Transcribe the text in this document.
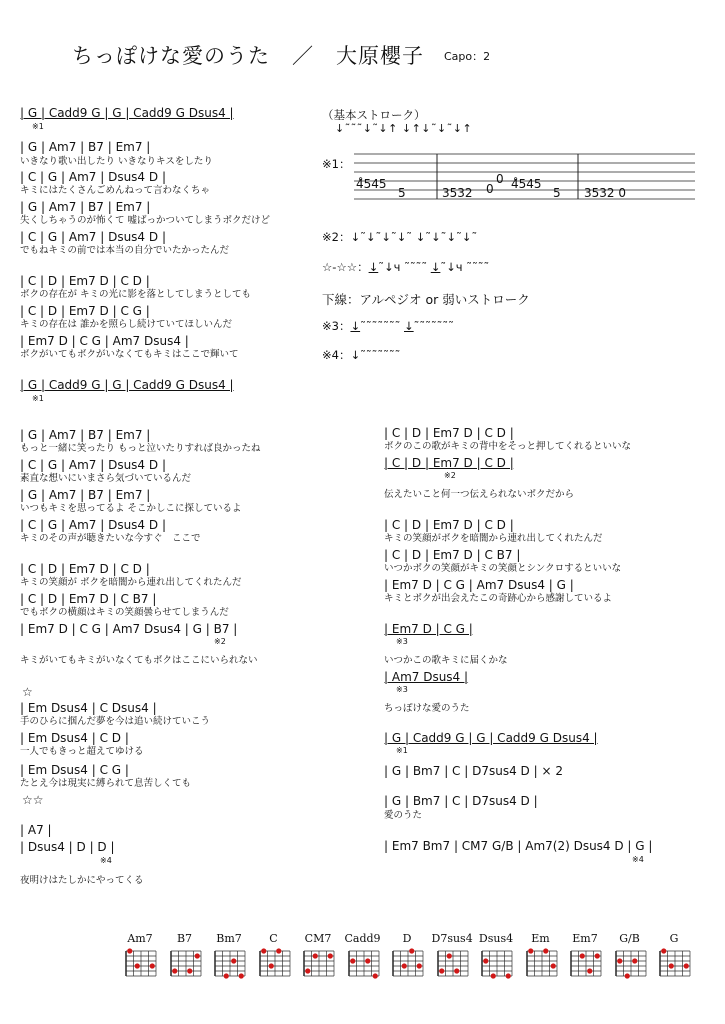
ちっぽけな愛のうた　／　大原櫻子 Capo：2
| G | Cadd9 G | G | Cadd9 G Dsus4 |
※1
| G | Am7 | B7 | Em7 |
いきなり歌い出したり いきなりキスをしたり
| C | G | Am7 | Dsus4 D |
キミにはたくさんごめんねって言わなくちゃ
| G | Am7 | B7 | Em7 |
失くしちゃうのが怖くて 嘘ばっかついてしまうボクだけど
| C | G | Am7 | Dsus4 D |
でもねキミの前では本当の自分でいたかったんだ
| C | D | Em7 D | C D |
ボクの存在が キミの光に影を落としてしまうとしても
| C | D | Em7 D | C G |
キミの存在は 誰かを照らし続けていてほしいんだ
| Em7 D | C G | Am7 Dsus4 |
ボクがいてもボクがいなくてもキミはここで輝いて
| G | Cadd9 G | G | Cadd9 G Dsus4 |
※1
| G | Am7 | B7 | Em7 |
もっと一緒に笑ったり もっと泣いたりすれば良かったね
| C | G | Am7 | Dsus4 D |
素直な想いにいまさら気づいているんだ
| G | Am7 | B7 | Em7 |
いつもキミを思ってるよ そこかしこに探しているよ
| C | G | Am7 | Dsus4 D |
キミのその声が聴きたいな今すぐ　ここで
| C | D | Em7 D | C D |
キミの笑顔が ボクを暗闇から連れ出してくれたんだ
| C | D | Em7 D | C B7 |
でもボクの横顔はキミの笑顔曇らせてしまうんだ
| Em7 D | C G | Am7 Dsus4 | G | B7 |
※2
キミがいてもキミがいなくてもボクはここにいられない
☆
| Em Dsus4 | C Dsus4 |
手のひらに掴んだ夢を今は追い続けていこう
| Em Dsus4 | C D |
一人でもきっと超えてゆける
| Em Dsus4 | C G |
たとえ今は現実に縛られて息苦しくても
☆☆
| A7 |
| Dsus4 | D | D |
※4
夜明けはたしかにやってくる
（基本ストローク）
↓˜˜˜↓˜↓↑ ↓↑↓˜↓˜↓↑
※1：
4̊545
5	3532 0
0 4̊545
5 3532 0
※2：↓˜↓˜↓˜↓˜ ↓˜↓˜↓˜↓˜
☆‐☆☆：↓˜↓ч ˜˜˜˜ ↓˜↓ч ˜˜˜˜
下線：アルペジオ or 弱いストローク
※3：↓˜˜˜˜˜˜˜ ↓˜˜˜˜˜˜˜
※4：↓˜˜˜˜˜˜˜
| C | D | Em7 D | C D |
ボクのこの歌がキミの背中をそっと押してくれるといいな
| C | D | Em7 D | C D |
※2
伝えたいこと何一つ伝えられないボクだから
| C | D | Em7 D | C D |
キミの笑顔がボクを暗闇から連れ出してくれたんだ
| C | D | Em7 D | C B7 |
いつかボクの笑顔がキミの笑顔とシンクロするといいな
| Em7 D | C G | Am7 Dsus4 | G |
キミとボクが出会えたこの奇跡心から感謝しているよ
| Em7 D | C G |
※3
いつかこの歌キミに届くかな
| Am7 Dsus4 |
※3
ちっぽけな愛のうた
| G | Cadd9 G | G | Cadd9 G Dsus4 |
※1
| G | Bm7 | C | D7sus4 D | × 2
| G | Bm7 | C | D7sus4 D |
愛のうた
| Em7 Bm7 | CM7 G/B | Am7(2) Dsus4 D | G |
※4
Am7	B7	Bm7	C	CM7	Cadd9	D	D7sus4 Dsus4	Em	Em7	G/B	G
